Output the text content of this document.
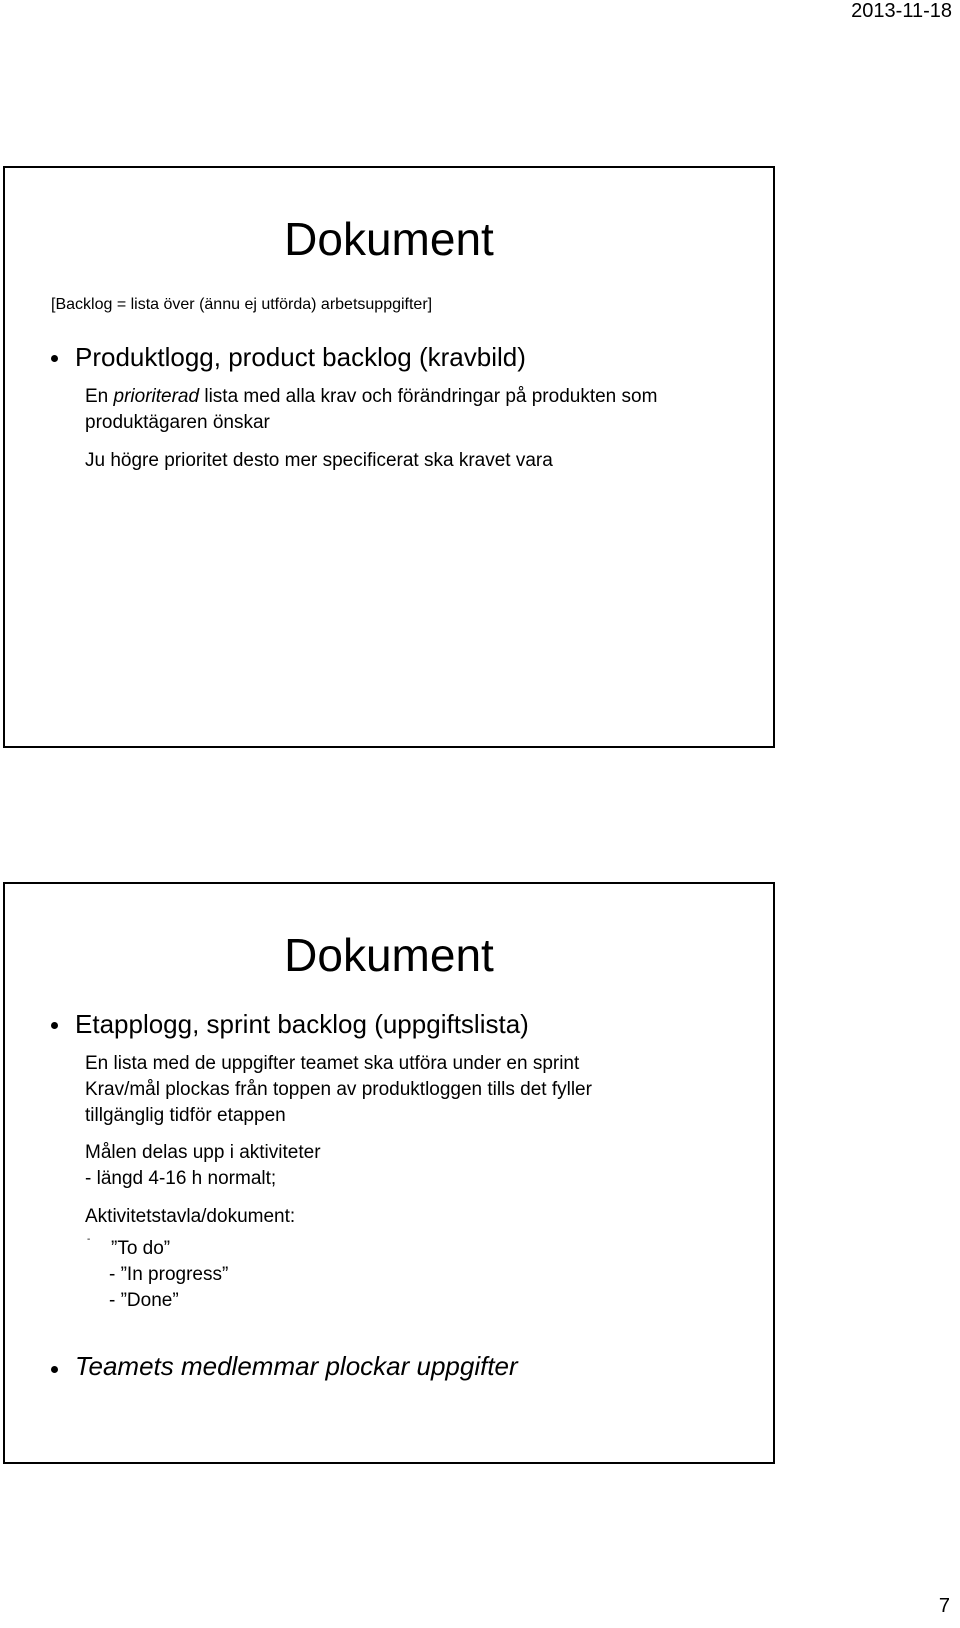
2013-11-18
Dokument
[Backlog = lista över (ännu ej utförda) arbetsuppgifter]
Produktlogg, product backlog (kravbild)
En prioriterad lista med alla krav och förändringar på produkten som
produktägaren önskar
Ju högre prioritet desto mer specificerat ska kravet vara
Dokument
Etapplogg, sprint backlog (uppgiftslista)
En lista med de uppgifter teamet ska utföra under en sprint
Krav/mål plockas från toppen av produktloggen tills det fyller
tillgänglig tidför etappen
Målen delas upp i aktiviteter
- längd 4-16 h normalt;
Aktivitetstavla/dokument:
- ”To do”
- ”In progress”
- ”Done”
Teamets medlemmar plockar uppgifter
7
